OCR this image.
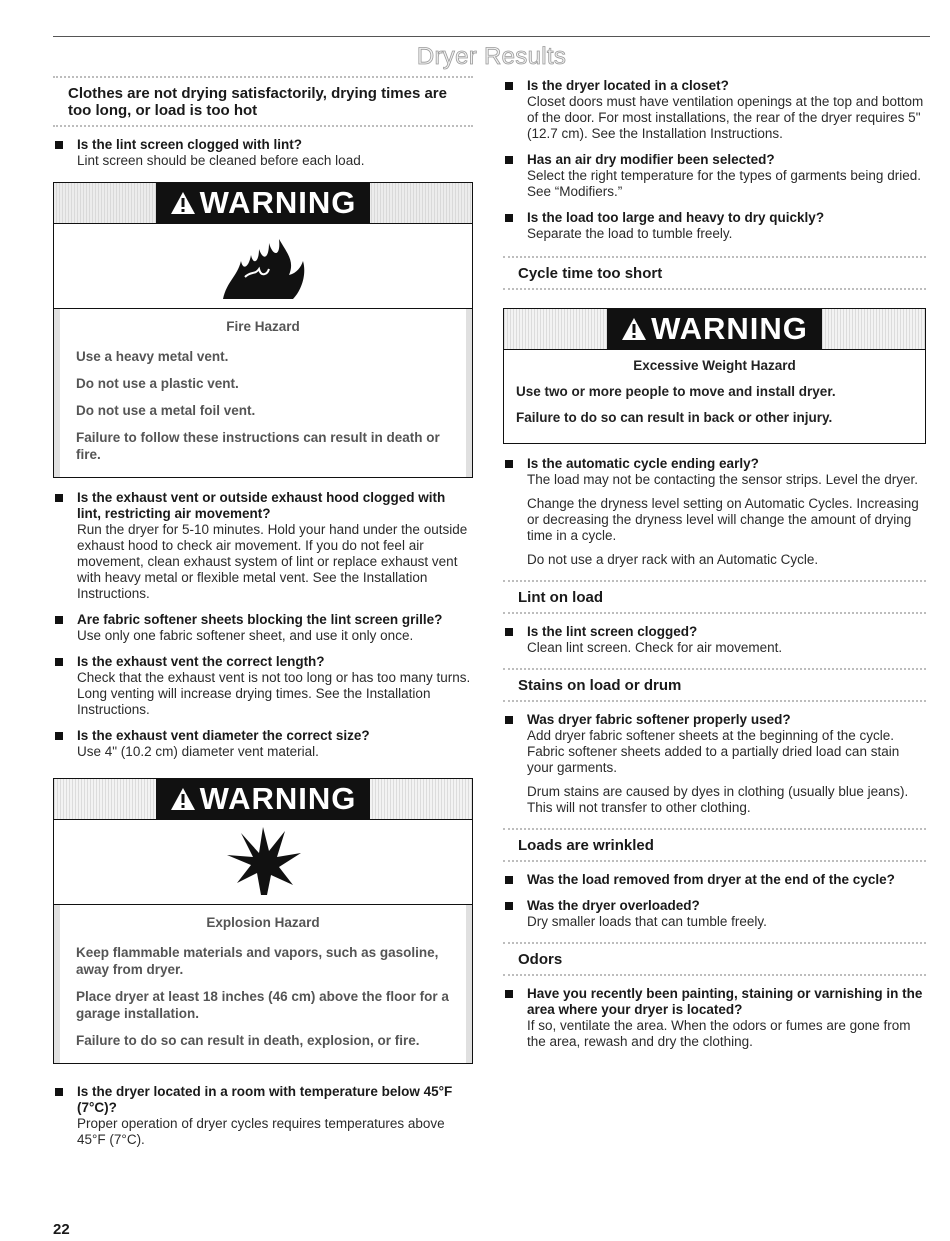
Dryer Results
Clothes are not drying satisfactorily, drying times are too long, or load is too hot
Is the lint screen clogged with lint?
Lint screen should be cleaned before each load.
WARNING
Fire Hazard

Use a heavy metal vent.

Do not use a plastic vent.

Do not use a metal foil vent.

Failure to follow these instructions can result in death or fire.

Is the exhaust vent or outside exhaust hood clogged with lint, restricting air movement?
Run the dryer for 5-10 minutes. Hold your hand under the outside exhaust hood to check air movement. If you do not feel air movement, clean exhaust system of lint or replace exhaust vent with heavy metal or flexible metal vent. See the Installation Instructions.
Are fabric softener sheets blocking the lint screen grille?
Use only one fabric softener sheet, and use it only once.
Is the exhaust vent the correct length?
Check that the exhaust vent is not too long or has too many turns. Long venting will increase drying times. See the Installation Instructions.
Is the exhaust vent diameter the correct size?
Use 4" (10.2 cm) diameter vent material.
WARNING
Explosion Hazard

Keep flammable materials and vapors, such as gasoline, away from dryer.

Place dryer at least 18 inches (46 cm) above the floor for a garage installation.

Failure to do so can result in death, explosion, or fire.

Is the dryer located in a room with temperature below 45°F (7°C)?
Proper operation of dryer cycles requires temperatures above 45°F (7°C).
Is the dryer located in a closet?
Closet doors must have ventilation openings at the top and bottom of the door. For most installations, the rear of the dryer requires 5" (12.7 cm). See the Installation Instructions.
Has an air dry modifier been selected?
Select the right temperature for the types of garments being dried. See “Modifiers.”
Is the load too large and heavy to dry quickly?
Separate the load to tumble freely.
Cycle time too short
WARNING
Excessive Weight Hazard

Use two or more people to move and install dryer.

Failure to do so can result in back or other injury.

Is the automatic cycle ending early?

The load may not be contacting the sensor strips. Level the dryer.

Change the dryness level setting on Automatic Cycles. Increasing or decreasing the dryness level will change the amount of drying time in a cycle.

Do not use a dryer rack with an Automatic Cycle.

Lint on load
Is the lint screen clogged?
Clean lint screen. Check for air movement.
Stains on load or drum
Was dryer fabric softener properly used?

Add dryer fabric softener sheets at the beginning of the cycle. Fabric softener sheets added to a partially dried load can stain your garments.

Drum stains are caused by dyes in clothing (usually blue jeans). This will not transfer to other clothing.

Loads are wrinkled
Was the load removed from dryer at the end of the cycle?
Was the dryer overloaded?
Dry smaller loads that can tumble freely.
Odors
Have you recently been painting, staining or varnishing in the area where your dryer is located?
If so, ventilate the area. When the odors or fumes are gone from the area, rewash and dry the clothing.
22
